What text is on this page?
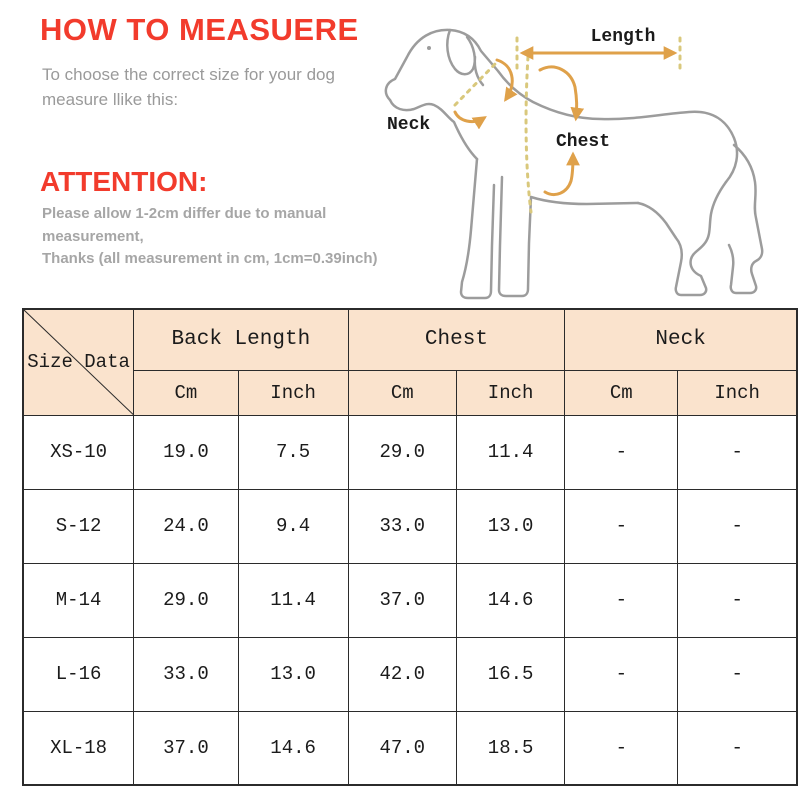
HOW TO MEASUERE
To choose the correct size for your dog
measure llike this:
ATTENTION:
Please allow 1-2cm differ due to manual measurement,
Thanks (all measurement in cm, 1cm=0.39inch)
Length
Neck
Chest
Size Data	Back Length		Chest		Neck	
	Cm	Inch	Cm	Inch	Cm	Inch
XS-10	19.0	7.5	29.0	11.4	-	-
S-12	24.0	9.4	33.0	13.0	-	-
M-14	29.0	11.4	37.0	14.6	-	-
L-16	33.0	13.0	42.0	16.5	-	-
XL-18	37.0	14.6	47.0	18.5	-	-
